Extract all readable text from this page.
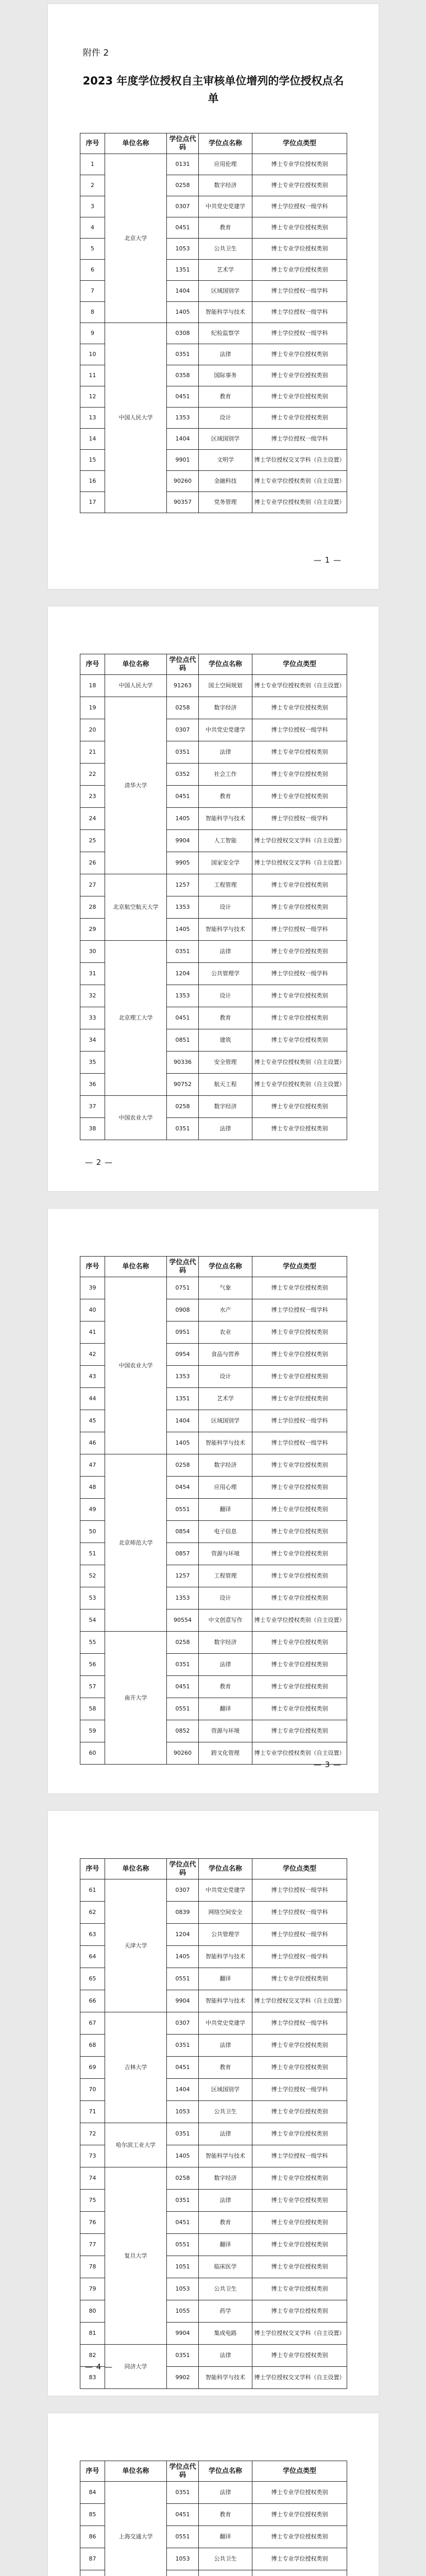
附件 2
2023 年度学位授权自主审核单位增列的学位授权点名单
序号	单位名称	学位点代码	学位点名称	学位点类型
1	北京大学	0131	应用伦理	博士专业学位授权类别
2		0258	数字经济	博士专业学位授权类别
3		0307	中共党史党建学	博士学位授权一级学科
4		0451	教育	博士专业学位授权类别
5		1053	公共卫生	博士专业学位授权类别
6		1351	艺术学	博士专业学位授权类别
7		1404	区域国别学	博士学位授权一级学科
8		1405	智能科学与技术	博士学位授权一级学科
9	中国人民大学	0308	纪检监察学	博士学位授权一级学科
10		0351	法律	博士专业学位授权类别
11		0358	国际事务	博士专业学位授权类别
12		0451	教育	博士专业学位授权类别
13		1353	设计	博士专业学位授权类别
14		1404	区域国别学	博士学位授权一级学科
15		9901	文明学	博士学位授权交叉学科（自主设置）
16		90260	金融科技	博士专业学位授权类别（自主设置）
17		90357	党务管理	博士专业学位授权类别（自主设置）
— 1 —
序号	单位名称	学位点代码	学位点名称	学位点类型
18	中国人民大学	91263	国土空间规划	博士专业学位授权类别（自主设置）
19	清华大学	0258	数字经济	博士专业学位授权类别
20		0307	中共党史党建学	博士学位授权一级学科
21		0351	法律	博士专业学位授权类别
22		0352	社会工作	博士专业学位授权类别
23		0451	教育	博士专业学位授权类别
24		1405	智能科学与技术	博士学位授权一级学科
25		9904	人工智能	博士学位授权交叉学科（自主设置）
26		9905	国家安全学	博士学位授权交叉学科（自主设置）
27	北京航空航天大学	1257	工程管理	博士专业学位授权类别
28		1353	设计	博士专业学位授权类别
29		1405	智能科学与技术	博士学位授权一级学科
30	北京理工大学	0351	法律	博士专业学位授权类别
31		1204	公共管理学	博士学位授权一级学科
32		1353	设计	博士专业学位授权类别
33		0451	教育	博士专业学位授权类别
34		0851	建筑	博士专业学位授权类别
35		90336	安全管理	博士专业学位授权类别（自主设置）
36		90752	航天工程	博士专业学位授权类别（自主设置）
37	中国农业大学	0258	数字经济	博士专业学位授权类别
38		0351	法律	博士专业学位授权类别
— 2 —
序号	单位名称	学位点代码	学位点名称	学位点类型
39	中国农业大学	0751	气象	博士专业学位授权类别
40		0908	水产	博士学位授权一级学科
41		0951	农业	博士专业学位授权类别
42		0954	食品与营养	博士专业学位授权类别
43		1353	设计	博士专业学位授权类别
44		1351	艺术学	博士专业学位授权类别
45		1404	区域国别学	博士学位授权一级学科
46		1405	智能科学与技术	博士学位授权一级学科
47	北京师范大学	0258	数字经济	博士专业学位授权类别
48		0454	应用心理	博士专业学位授权类别
49		0551	翻译	博士专业学位授权类别
50		0854	电子信息	博士专业学位授权类别
51		0857	资源与环境	博士专业学位授权类别
52		1257	工程管理	博士专业学位授权类别
53		1353	设计	博士专业学位授权类别
54		90554	中文创意写作	博士专业学位授权类别（自主设置）
55	南开大学	0258	数字经济	博士专业学位授权类别
56		0351	法律	博士专业学位授权类别
57		0451	教育	博士专业学位授权类别
58		0551	翻译	博士专业学位授权类别
59		0852	资源与环境	博士专业学位授权类别
60		90260	跨文化管理	博士专业学位授权类别（自主设置）
— 3 —
序号	单位名称	学位点代码	学位点名称	学位点类型
61	天津大学	0307	中共党史党建学	博士学位授权一级学科
62		0839	网络空间安全	博士学位授权一级学科
63		1204	公共管理学	博士学位授权一级学科
64		1405	智能科学与技术	博士学位授权一级学科
65		0551	翻译	博士专业学位授权类别
66		9904	智能科学与技术	博士学位授权交叉学科（自主设置）
67	吉林大学	0307	中共党史党建学	博士学位授权一级学科
68		0351	法律	博士专业学位授权类别
69		0451	教育	博士专业学位授权类别
70		1404	区域国别学	博士学位授权一级学科
71		1053	公共卫生	博士专业学位授权类别
72	哈尔滨工业大学	0351	法律	博士专业学位授权类别
73		1405	智能科学与技术	博士学位授权一级学科
74	复旦大学	0258	数字经济	博士专业学位授权类别
75		0351	法律	博士专业学位授权类别
76		0451	教育	博士专业学位授权类别
77		0551	翻译	博士专业学位授权类别
78		1051	临床医学	博士专业学位授权类别
79		1053	公共卫生	博士专业学位授权类别
80		1055	药学	博士专业学位授权类别
81		9904	集成电路	博士学位授权交叉学科（自主设置）
82	同济大学	0351	法律	博士专业学位授权类别
83		9902	智能科学与技术	博士学位授权交叉学科（自主设置）
— 4 —
序号	单位名称	学位点代码	学位点名称	学位点类型
84	上海交通大学	0351	法律	博士专业学位授权类别
85		0451	教育	博士专业学位授权类别
86		0551	翻译	博士专业学位授权类别
87		1053	公共卫生	博士专业学位授权类别
